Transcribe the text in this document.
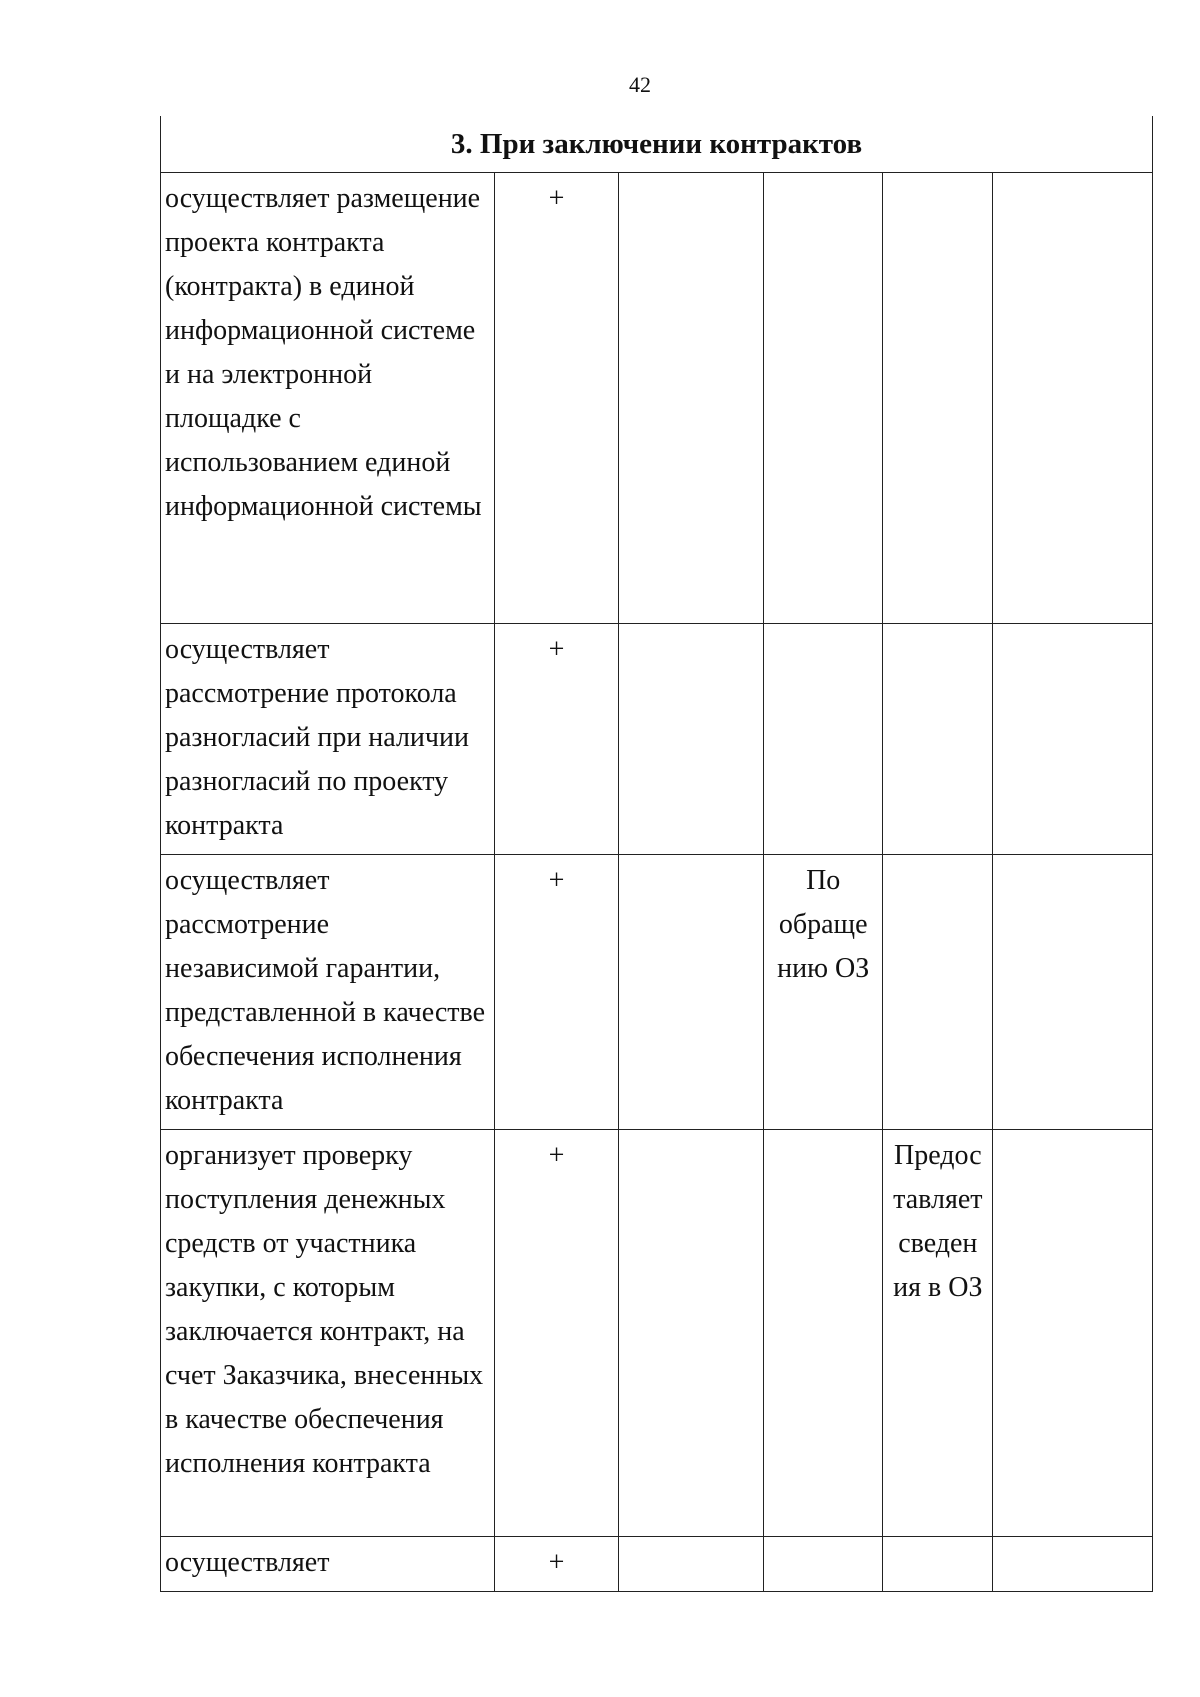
42
3. При заключении контрактов					
осуществляет размещение проекта контракта (контракта) в единой информационной системе и на электронной площадке с использованием единой информационной системы	+				
осуществляет рассмотрение протокола разногласий при наличии разногласий по проекту контракта	+				
осуществляет рассмотрение независимой гарантии, представленной в качестве обеспечения исполнения контракта	+		По обраще нию ОЗ		
организует проверку поступления денежных средств от участника закупки, с которым заключается контракт, на счет Заказчика, внесенных в качестве обеспечения исполнения контракта	+			Предос тавляет сведен ия в ОЗ	
осуществляет	+				
